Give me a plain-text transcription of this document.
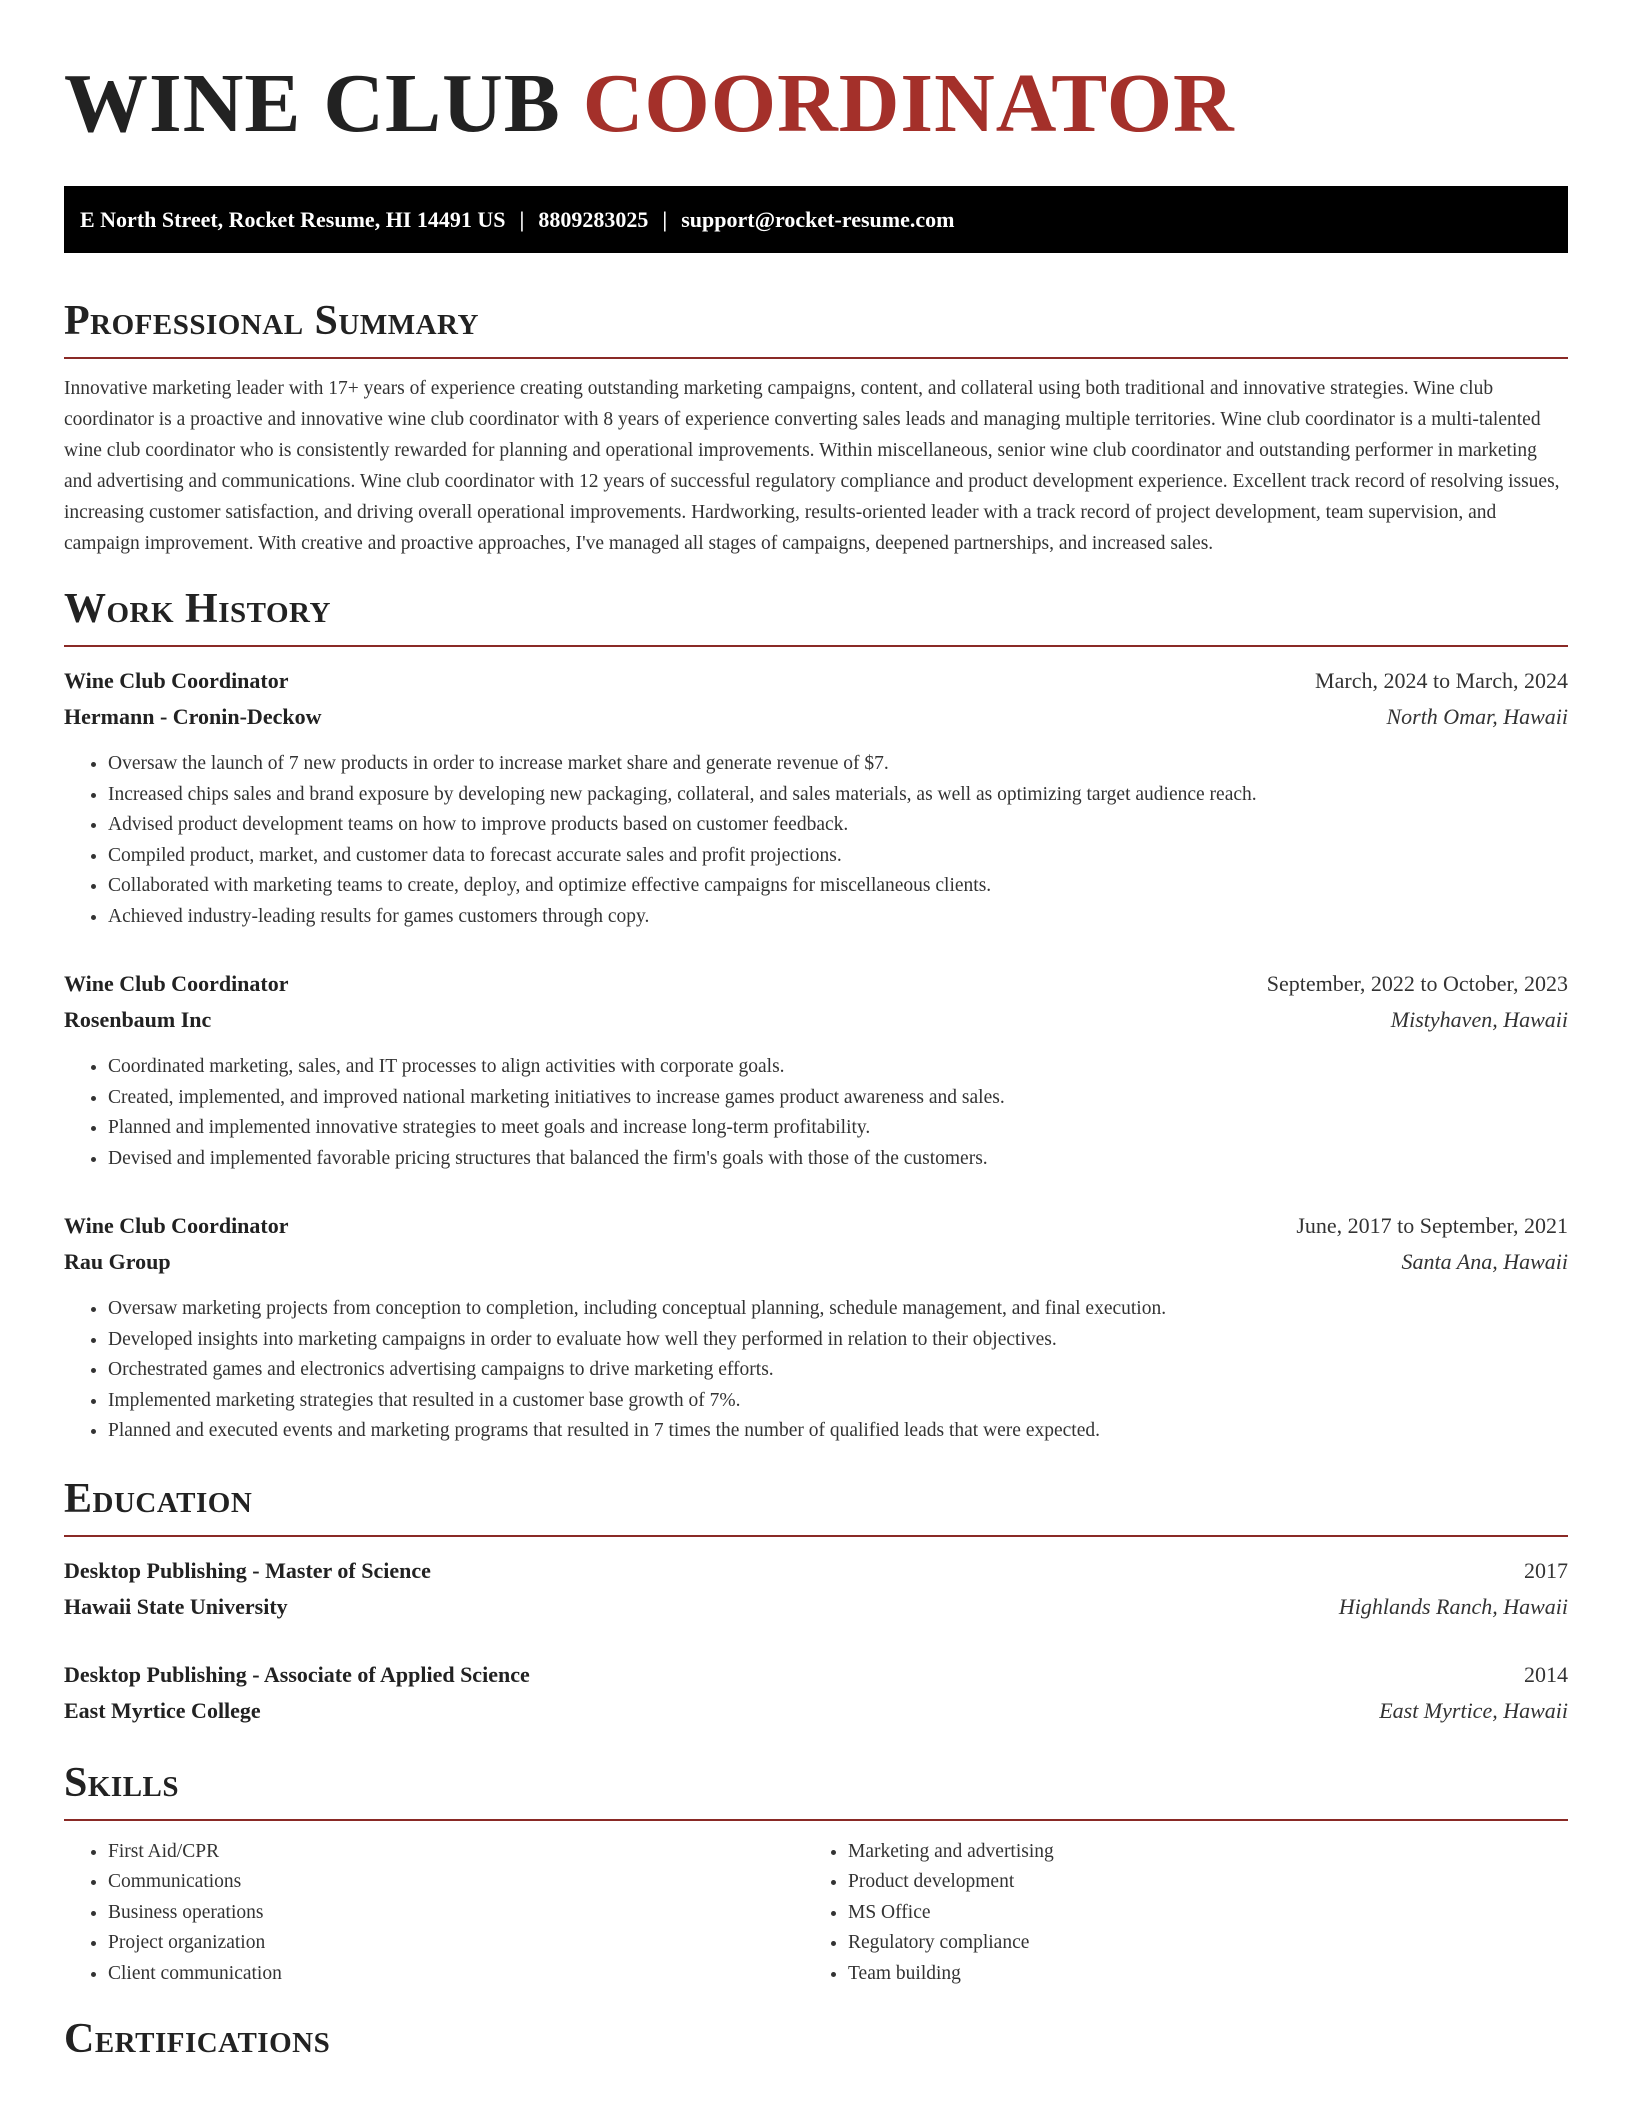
WINE CLUB COORDINATOR
E North Street, Rocket Resume, HI 14491 US | 8809283025 | support@rocket-resume.com
Professional Summary

Innovative marketing leader with 17+ years of experience creating outstanding marketing campaigns, content, and collateral using both traditional and innovative strategies. Wine club coordinator is a proactive and innovative wine club coordinator with 8 years of experience converting sales leads and managing multiple territories. Wine club coordinator is a multi-talented wine club coordinator who is consistently rewarded for planning and operational improvements. Within miscellaneous, senior wine club coordinator and outstanding performer in marketing and advertising and communications. Wine club coordinator with 12 years of successful regulatory compliance and product development experience. Excellent track record of resolving issues, increasing customer satisfaction, and driving overall operational improvements. Hardworking, results-oriented leader with a track record of project development, team supervision, and campaign improvement. With creative and proactive approaches, I've managed all stages of campaigns, deepened partnerships, and increased sales.

Work History
Wine Club Coordinator	March, 2024 to March, 2024
Hermann - Cronin-Deckow	North Omar, Hawaii
• Oversaw the launch of 7 new products in order to increase market share and generate revenue of $7.
• Increased chips sales and brand exposure by developing new packaging, collateral, and sales materials, as well as optimizing target audience reach.
• Advised product development teams on how to improve products based on customer feedback.
• Compiled product, market, and customer data to forecast accurate sales and profit projections.
• Collaborated with marketing teams to create, deploy, and optimize effective campaigns for miscellaneous clients.
• Achieved industry-leading results for games customers through copy.
Wine Club Coordinator	September, 2022 to October, 2023
Rosenbaum Inc	Mistyhaven, Hawaii
• Coordinated marketing, sales, and IT processes to align activities with corporate goals.
• Created, implemented, and improved national marketing initiatives to increase games product awareness and sales.
• Planned and implemented innovative strategies to meet goals and increase long-term profitability.
• Devised and implemented favorable pricing structures that balanced the firm's goals with those of the customers.
Wine Club Coordinator	June, 2017 to September, 2021
Rau Group	Santa Ana, Hawaii
• Oversaw marketing projects from conception to completion, including conceptual planning, schedule management, and final execution.
• Developed insights into marketing campaigns in order to evaluate how well they performed in relation to their objectives.
• Orchestrated games and electronics advertising campaigns to drive marketing efforts.
• Implemented marketing strategies that resulted in a customer base growth of 7%.
• Planned and executed events and marketing programs that resulted in 7 times the number of qualified leads that were expected.
Education
Desktop Publishing - Master of Science	2017
Hawaii State University	Highlands Ranch, Hawaii
Desktop Publishing - Associate of Applied Science	2014
East Myrtice College	East Myrtice, Hawaii
Skills
• First Aid/CPR
• Communications
• Business operations
• Project organization
• Client communication
• Marketing and advertising
• Product development
• MS Office
• Regulatory compliance
• Team building
Certifications
